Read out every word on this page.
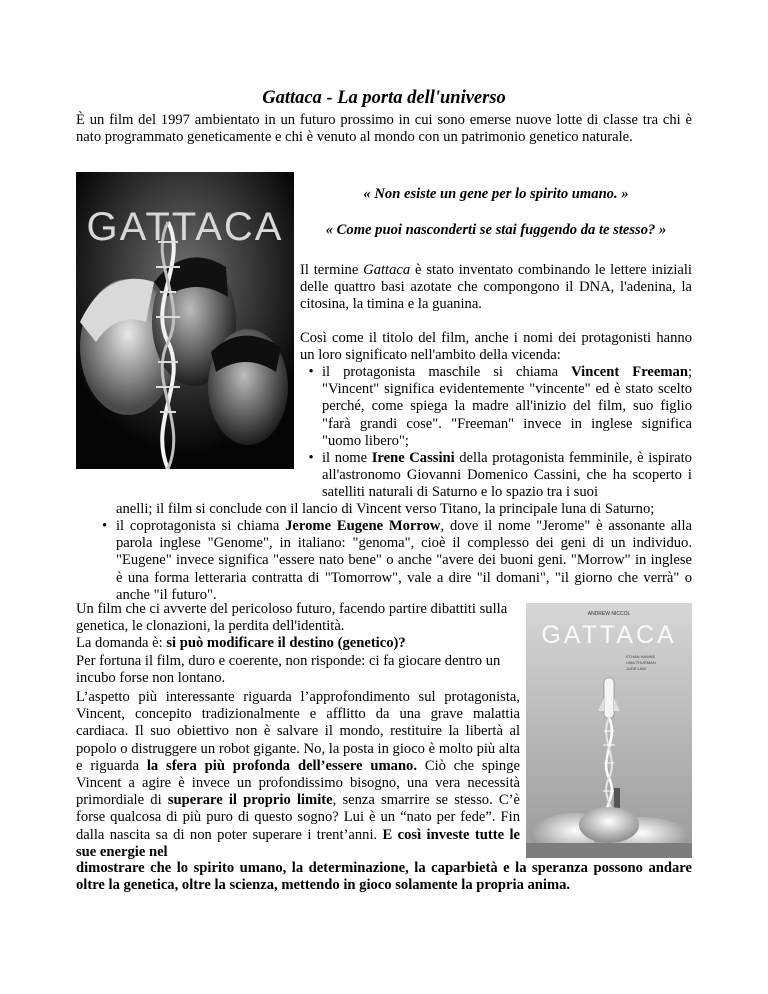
Gattaca - La porta dell'universo
È un film del 1997 ambientato in un futuro prossimo in cui sono emerse nuove lotte di classe tra chi è nato programmato geneticamente e chi è venuto al mondo con un patrimonio genetico naturale.
GATTACA
« Non esiste un gene per lo spirito umano. »
« Come puoi nasconderti se stai fuggendo da te stesso? »
Il termine Gattaca è stato inventato combinando le lettere iniziali delle quattro basi azotate che compongono il DNA, l'adenina, la citosina, la timina e la guanina.
Così come il titolo del film, anche i nomi dei protagonisti hanno un loro significato nell'ambito della vicenda:
• il protagonista maschile si chiama Vincent Freeman; "Vincent" significa evidentemente "vincente" ed è stato scelto perché, come spiega la madre all'inizio del film, suo figlio "farà grandi cose". "Freeman" invece in inglese significa "uomo libero";
• il nome Irene Cassini della protagonista femminile, è ispirato all'astronomo Giovanni Domenico Cassini, che ha scoperto i satelliti naturali di Saturno e lo spazio tra i suoi
anelli; il film si conclude con il lancio di Vincent verso Titano, la principale luna di Saturno;
• il coprotagonista si chiama Jerome Eugene Morrow, dove il nome "Jerome" è assonante alla parola inglese "Genome", in italiano: "genoma", cioè il complesso dei geni di un individuo. "Eugene" invece significa "essere nato bene" o anche "avere dei buoni geni. "Morrow" in inglese è una forma letteraria contratta di "Tomorrow", vale a dire "il domani", "il giorno che verrà" o anche "il futuro".
Un film che ci avverte del pericoloso futuro, facendo partire dibattiti sulla genetica, le clonazioni, la perdita dell'identità.
La domanda è: si può modificare il destino (genetico)?
Per fortuna il film, duro e coerente, non risponde: ci fa giocare dentro un incubo forse non lontano.
L’aspetto più interessante riguarda l’approfondimento sul protagonista, Vincent, concepito tradizionalmente e afflitto da una grave malattia cardiaca. Il suo obiettivo non è salvare il mondo, restituire la libertà al popolo o distruggere un robot gigante. No, la posta in gioco è molto più alta e riguarda la sfera più profonda dell’essere umano. Ciò che spinge Vincent a agire è invece un profondissimo bisogno, una vera necessità primordiale di superare il proprio limite, senza smarrire se stesso. C’è forse qualcosa di più puro di questo sogno? Lui è un “nato per fede”. Fin dalla nascita sa di non poter superare i trent’anni. E così investe tutte le sue energie nel
dimostrare che lo spirito umano, la determinazione, la caparbietà e la speranza possono andare oltre la genetica, oltre la scienza, mettendo in gioco solamente la propria anima.
ANDREW NICCOL
GATTACA
ETHAN HAWKE
UMA THURMAN
JUDE LAW
